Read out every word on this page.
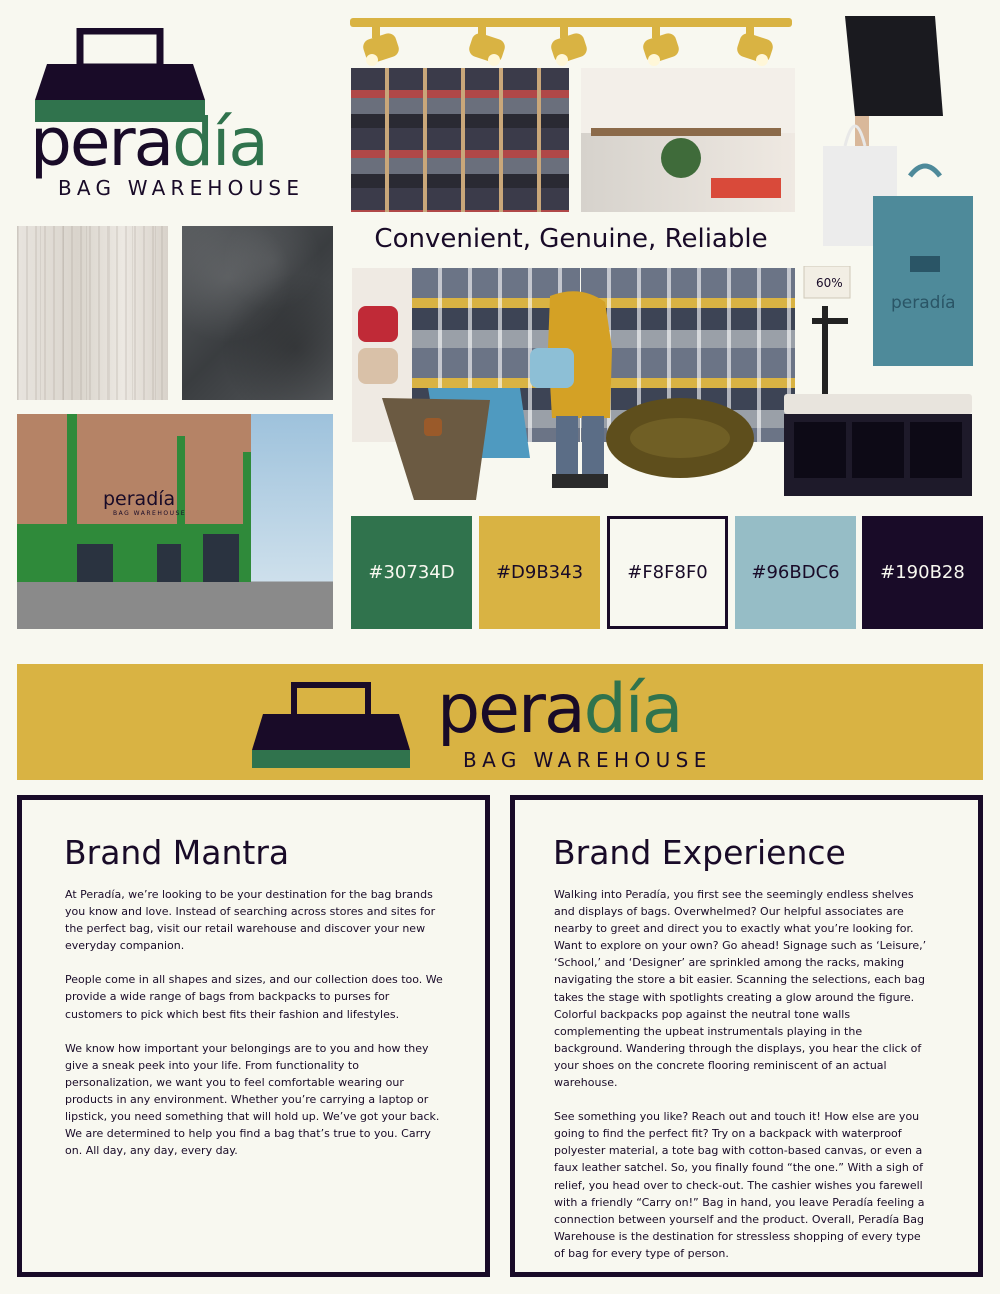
peradía
BAG WAREHOUSE
peradía
Convenient, Genuine, Reliable
peradía
BAG WAREHOUSE
60%
#30734D #D9B343 #F8F8F0 #96BDC6 #190B28
peradía
BAG WAREHOUSE
Brand Mantra

At Peradía, we’re looking to be your destination for the bag brands you know and love. Instead of searching across stores and sites for the perfect bag, visit our retail warehouse and discover your new everyday companion.

People come in all shapes and sizes, and our collection does too. We provide a wide range of bags from backpacks to purses for customers to pick which best fits their fashion and lifestyles.

We know how important your belongings are to you and how they give a sneak peek into your life. From functionality to personalization, we want you to feel comfortable wearing our products in any environment. Whether you’re carrying a laptop or lipstick, you need something that will hold up. We’ve got your back. We are determined to help you find a bag that’s true to you. Carry on. All day, any day, every day.

Brand Experience

Walking into Peradía, you first see the seemingly endless shelves and displays of bags. Overwhelmed? Our helpful associates are nearby to greet and direct you to exactly what you’re looking for. Want to explore on your own? Go ahead! Signage such as ‘Leisure,’ ‘School,’ and ‘Designer’ are sprinkled among the racks, making navigating the store a bit easier. Scanning the selections, each bag takes the stage with spotlights creating a glow around the figure. Colorful backpacks pop against the neutral tone walls complementing the upbeat instrumentals playing in the background. Wandering through the displays, you hear the click of your shoes on the concrete flooring reminiscent of an actual warehouse.

See something you like? Reach out and touch it! How else are you going to find the perfect fit? Try on a backpack with waterproof polyester material, a tote bag with cotton-based canvas, or even a faux leather satchel. So, you finally found “the one.” With a sigh of relief, you head over to check-out. The cashier wishes you farewell with a friendly “Carry on!” Bag in hand, you leave Peradía feeling a connection between yourself and the product. Overall, Peradía Bag Warehouse is the destination for stressless shopping of every type of bag for every type of person.
